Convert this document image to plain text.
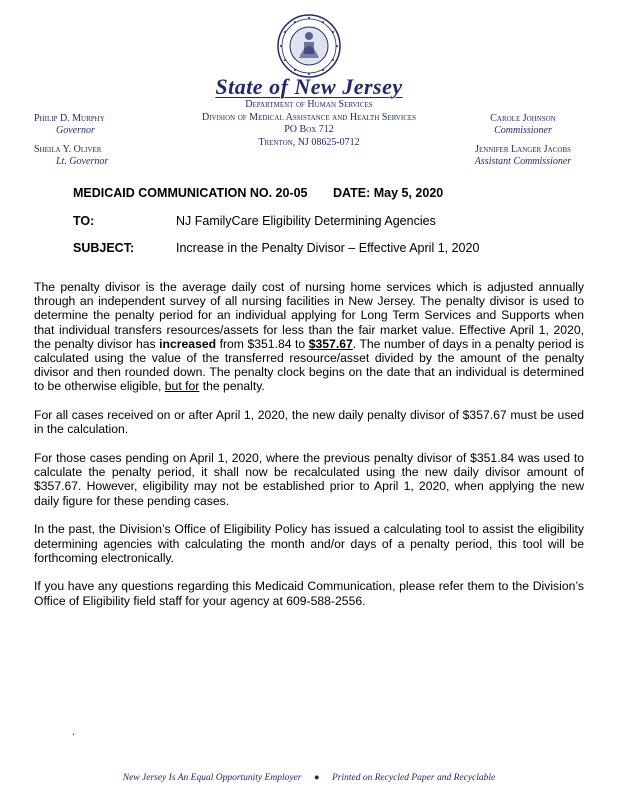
State of New Jersey
Department of Human Services
Division of Medical Assistance and Health Services
PO Box 712
Trenton, NJ 08625-0712
Philip D. Murphy
Governor
Sheila Y. Oliver
Lt. Governor
Carole Johnson
Commissioner
Jennifer Langer Jacobs
Assistant Commissioner
MEDICAID COMMUNICATION NO. 20-05 DATE: May 5, 2020
TO:	NJ FamilyCare Eligibility Determining Agencies
SUBJECT:	Increase in the Penalty Divisor – Effective April 1, 2020

The penalty divisor is the average daily cost of nursing home services which is adjusted annually through an independent survey of all nursing facilities in New Jersey. The penalty divisor is used to determine the penalty period for an individual applying for Long Term Services and Supports when that individual transfers resources/assets for less than the fair market value. Effective April 1, 2020, the penalty divisor has increased from $351.84 to $357.67. The number of days in a penalty period is calculated using the value of the transferred resource/asset divided by the amount of the penalty divisor and then rounded down. The penalty clock begins on the date that an individual is determined to be otherwise eligible, but for the penalty.

For all cases received on or after April 1, 2020, the new daily penalty divisor of $357.67 must be used in the calculation.

For those cases pending on April 1, 2020, where the previous penalty divisor of $351.84 was used to calculate the penalty period, it shall now be recalculated using the new daily divisor amount of $357.67. However, eligibility may not be established prior to April 1, 2020, when applying the new daily figure for these pending cases.

In the past, the Division’s Office of Eligibility Policy has issued a calculating tool to assist the eligibility determining agencies with calculating the month and/or days of a penalty period, this tool will be forthcoming electronically.

If you have any questions regarding this Medicaid Communication, please refer them to the Division’s Office of Eligibility field staff for your agency at 609-588-2556.

.
New Jersey Is An Equal Opportunity Employer ● Printed on Recycled Paper and Recyclable
